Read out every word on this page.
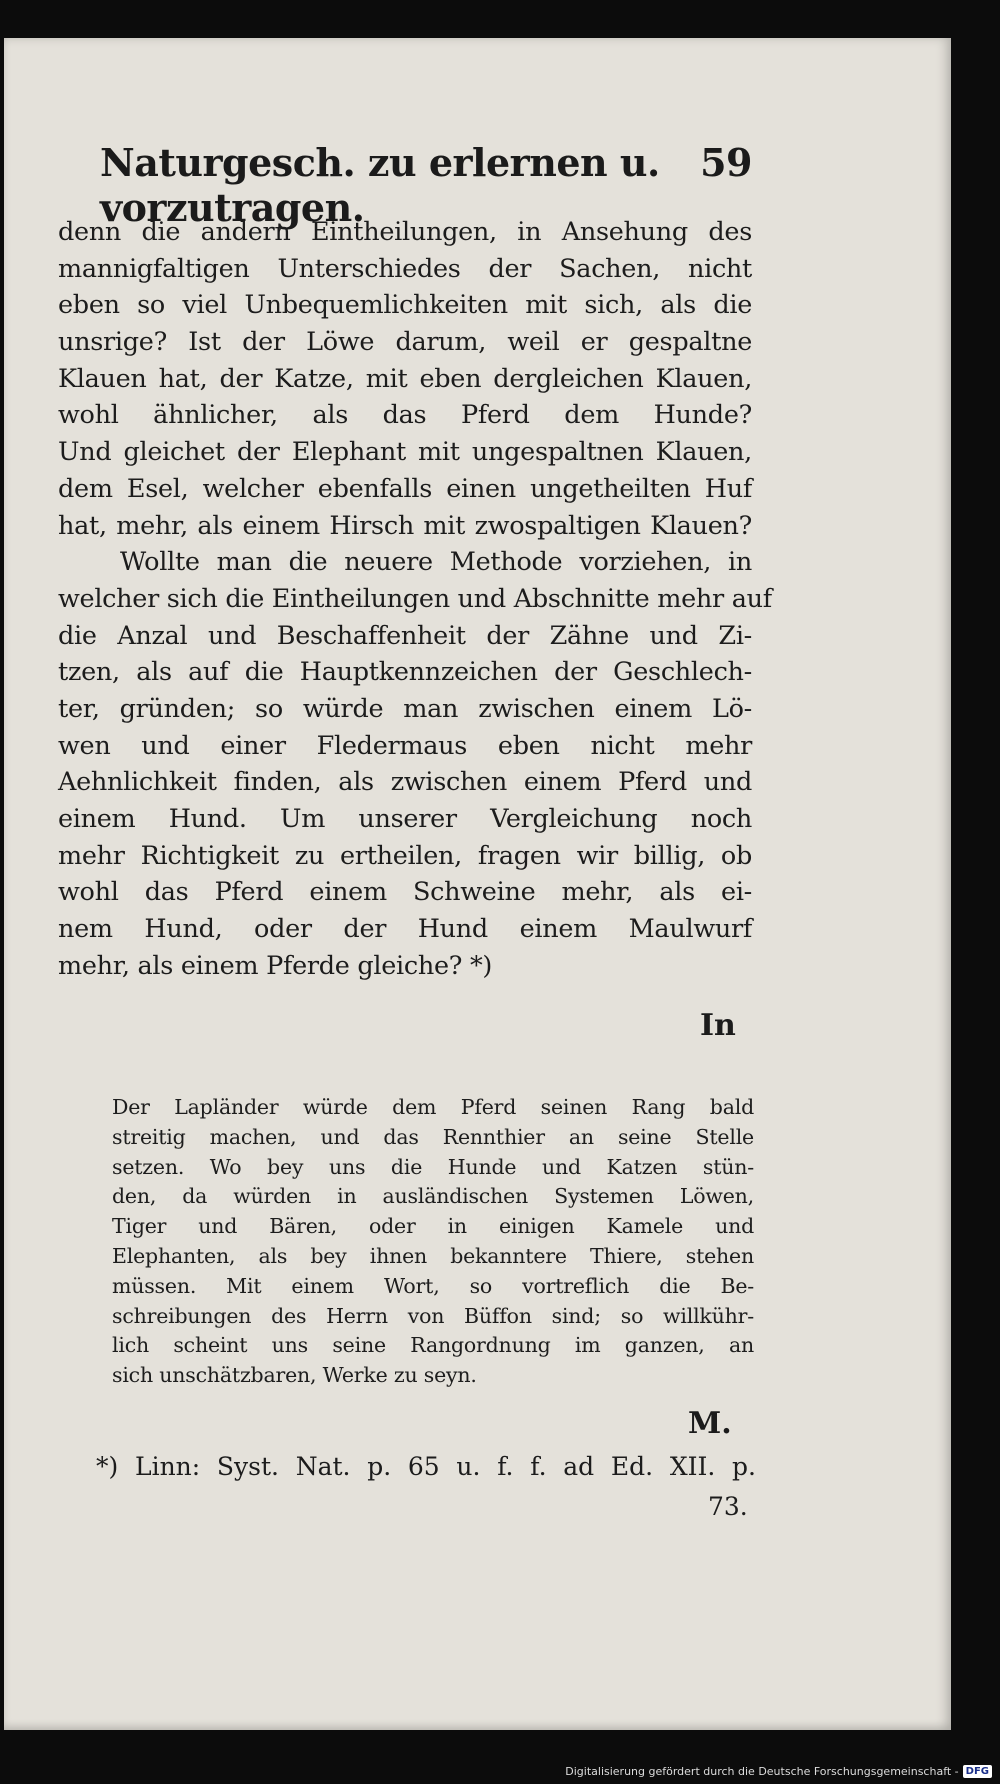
Naturgesch. zu erlernen u. vorzutragen.
59
denn die andern Eintheilungen, in Ansehung des
mannigfaltigen Unterschiedes der Sachen, nicht
eben so viel Unbequemlichkeiten mit sich, als die
unsrige? Ist der Löwe darum, weil er gespaltne
Klauen hat, der Katze, mit eben dergleichen Klauen,
wohl ähnlicher, als das Pferd dem Hunde?
Und gleichet der Elephant mit ungespaltnen Klauen,
dem Esel, welcher ebenfalls einen ungetheilten Huf
hat, mehr, als einem Hirsch mit zwospaltigen Klauen?
Wollte man die neuere Methode vorziehen, in
welcher sich die Eintheilungen und Abschnitte mehr auf
die Anzal und Beschaffenheit der Zähne und Zi-
tzen, als auf die Hauptkennzeichen der Geschlech-
ter, gründen; so würde man zwischen einem Lö-
wen und einer Fledermaus eben nicht mehr
Aehnlichkeit finden, als zwischen einem Pferd und
einem Hund. Um unserer Vergleichung noch
mehr Richtigkeit zu ertheilen, fragen wir billig, ob
wohl das Pferd einem Schweine mehr, als ei-
nem Hund, oder der Hund einem Maulwurf
mehr, als einem Pferde gleiche? *)
In
Der Lapländer würde dem Pferd seinen Rang bald
streitig machen, und das Rennthier an seine Stelle
setzen. Wo bey uns die Hunde und Katzen stün-
den, da würden in ausländischen Systemen Löwen,
Tiger und Bären, oder in einigen Kamele und
Elephanten, als bey ihnen bekanntere Thiere, stehen
müssen. Mit einem Wort, so vortreflich die Be-
schreibungen des Herrn von Büffon sind; so willkühr-
lich scheint uns seine Rangordnung im ganzen, an
sich unschätzbaren, Werke zu seyn.
M.
*) Linn: Syst. Nat. p. 65 u. f. f. ad Ed. XII. p.
73.
Digitalisierung gefördert durch die Deutsche Forschungsgemeinschaft - DFG
